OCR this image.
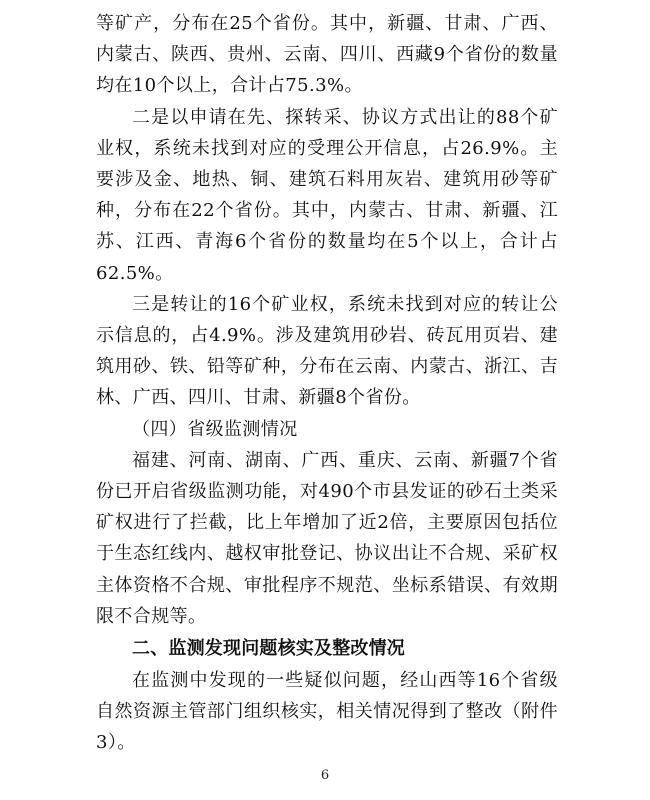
等矿产，分布在25个省份。其中，新疆、甘肃、广西、内蒙古、陕西、贵州、云南、四川、西藏9个省份的数量均在10个以上，合计占75.3%。

二是以申请在先、探转采、协议方式出让的88个矿业权，系统未找到对应的受理公开信息，占26.9%。主要涉及金、地热、铜、建筑石料用灰岩、建筑用砂等矿种，分布在22个省份。其中，内蒙古、甘肃、新疆、江苏、江西、青海6个省份的数量均在5个以上，合计占62.5%。

三是转让的16个矿业权，系统未找到对应的转让公示信息的，占4.9%。涉及建筑用砂岩、砖瓦用页岩、建筑用砂、铁、铅等矿种，分布在云南、内蒙古、浙江、吉林、广西、四川、甘肃、新疆8个省份。

（四）省级监测情况

福建、河南、湖南、广西、重庆、云南、新疆7个省份已开启省级监测功能，对490个市县发证的砂石土类采矿权进行了拦截，比上年增加了近2倍，主要原因包括位于生态红线内、越权审批登记、协议出让不合规、采矿权主体资格不合规、审批程序不规范、坐标系错误、有效期限不合规等。

二、监测发现问题核实及整改情况

在监测中发现的一些疑似问题，经山西等16个省级自然资源主管部门组织核实，相关情况得到了整改（附件3）。

6
